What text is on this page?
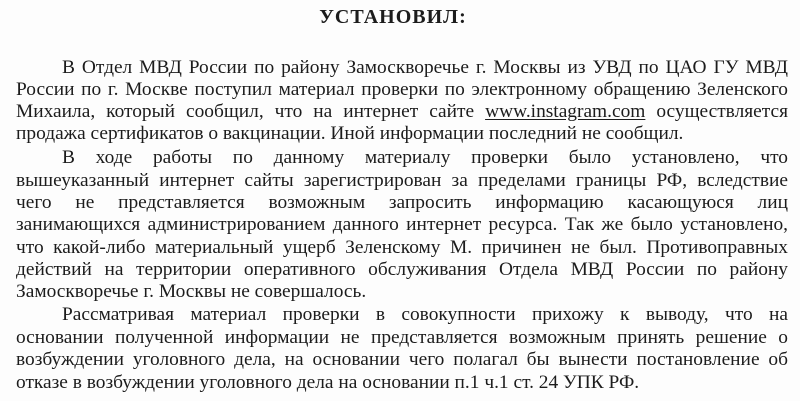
УСТАНОВИЛ:
В Отдел МВД России по району Замоскворечье г. Москвы из УВД по ЦАО ГУ МВД
России по г. Москве поступил материал проверки по электронному обращению Зеленского
Михаила, который сообщил, что на интернет сайте www.instagram.com осуществляется
продажа сертификатов о вакцинации. Иной информации последний не сообщил.
В ходе работы по данному материалу проверки было установлено, что
вышеуказанный интернет сайты зарегистрирован за пределами границы РФ, вследствие
чего не представляется возможным запросить информацию касающуюся лиц
занимающихся администрированием данного интернет ресурса. Так же было установлено,
что какой-либо материальный ущерб Зеленскому М. причинен не был. Противоправных
действий на территории оперативного обслуживания Отдела МВД России по району
Замоскворечье г. Москвы не совершалось.
Рассматривая материал проверки в совокупности прихожу к выводу, что на
основании полученной информации не представляется возможным принять решение о
возбуждении уголовного дела, на основании чего полагал бы вынести постановление об
отказе в возбуждении уголовного дела на основании п.1 ч.1 ст. 24 УПК РФ.
